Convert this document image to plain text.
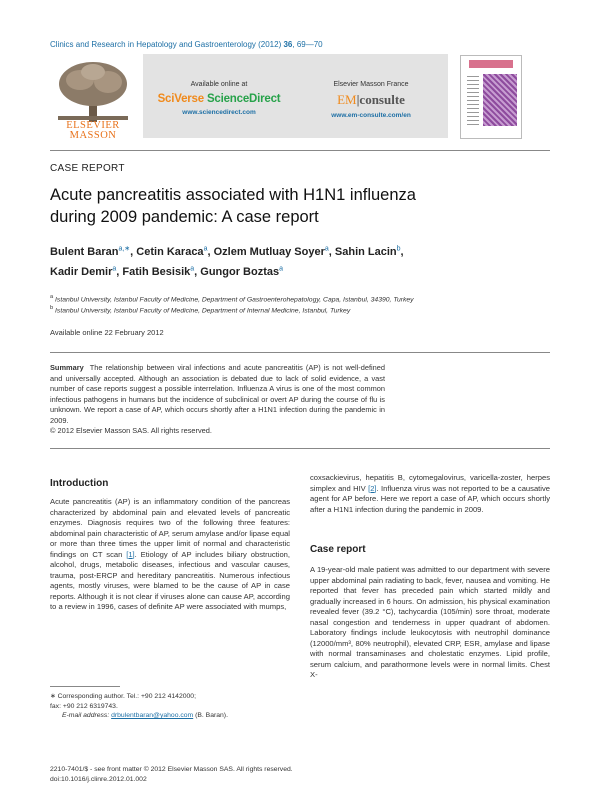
Clinics and Research in Hepatology and Gastroenterology (2012) 36, 69—70
ELSEVIER
MASSON
Available online at
SciVerse ScienceDirect
www.sciencedirect.com
Elsevier Masson France
EM|consulte
www.em-consulte.com/en
CASE REPORT
Acute pancreatitis associated with H1N1 influenza
during 2009 pandemic: A case report
Bulent Baran$^{a,∗}$, Cetin Karaca$^a$, Ozlem Mutluay Soyer$^a$, Sahin Lacin$^b$,
Kadir Demir$^a$, Fatih Besisik$^a$, Gungor Boztas$^a$
$^a$ Istanbul University, Istanbul Faculty of Medicine, Department of Gastroenterohepatology, Capa, Istanbul, 34390, Turkey
$^b$ Istanbul University, Istanbul Faculty of Medicine, Department of Internal Medicine, Istanbul, Turkey
Available online 22 February 2012
Summary The relationship between viral infections and acute pancreatitis (AP) is not well-defined and universally accepted. Although an association is debated due to lack of solid evidence, a vast number of case reports suggest a possible interrelation. Influenza A virus is one of the most common infectious pathogens in humans but the incidence of subclinical or overt AP during the course of flu is unknown. We report a case of AP, which occurs shortly after a H1N1 infection during the pandemic in 2009.
© 2012 Elsevier Masson SAS. All rights reserved.
Introduction
Acute pancreatitis (AP) is an inflammatory condition of the pancreas characterized by abdominal pain and elevated levels of pancreatic enzymes. Diagnosis requires two of the following three features: abdominal pain characteristic of AP, serum amylase and/or lipase equal or more than three times the upper limit of normal and characteristic findings on CT scan [1]. Etiology of AP includes biliary obstruction, alcohol, drugs, metabolic diseases, infectious and vascular causes, trauma, post-ERCP and hereditary pancreatitis. Numerous infectious agents, mostly viruses, were blamed to be the cause of AP in case reports. Although it is not clear if viruses alone can cause AP, according to a review in 1996, cases of definite AP were associated with mumps,
coxsackievirus, hepatitis B, cytomegalovirus, varicella-zoster, herpes simplex and HIV [2]. Influenza virus was not reported to be a causative agent for AP before. Here we report a case of AP, which occurs shortly after a H1N1 infection during the pandemic in 2009.
Case report
A 19-year-old male patient was admitted to our department with severe upper abdominal pain radiating to back, fever, nausea and vomiting. He reported that fever has preceded pain which started mildly and gradually increased in 6 hours. On admission, his physical examination revealed fever (39.2 °C), tachycardia (105/min) sore throat, moderate nasal congestion and tenderness in upper quadrant of abdomen. Laboratory findings include leukocytosis with neutrophil dominance (12000/mm³, 80% neutrophil), elevated CRP, ESR, amylase and lipase with normal transaminases and cholestatic enzymes. Lipid profile, serum calcium, and parathormone levels were in normal limits. Chest X-
∗ Corresponding author. Tel.: +90 212 4142000;
fax: +90 212 6319743.
E-mail address: drbulentbaran@yahoo.com (B. Baran).
2210-7401/$ - see front matter © 2012 Elsevier Masson SAS. All rights reserved.
doi:10.1016/j.clinre.2012.01.002
